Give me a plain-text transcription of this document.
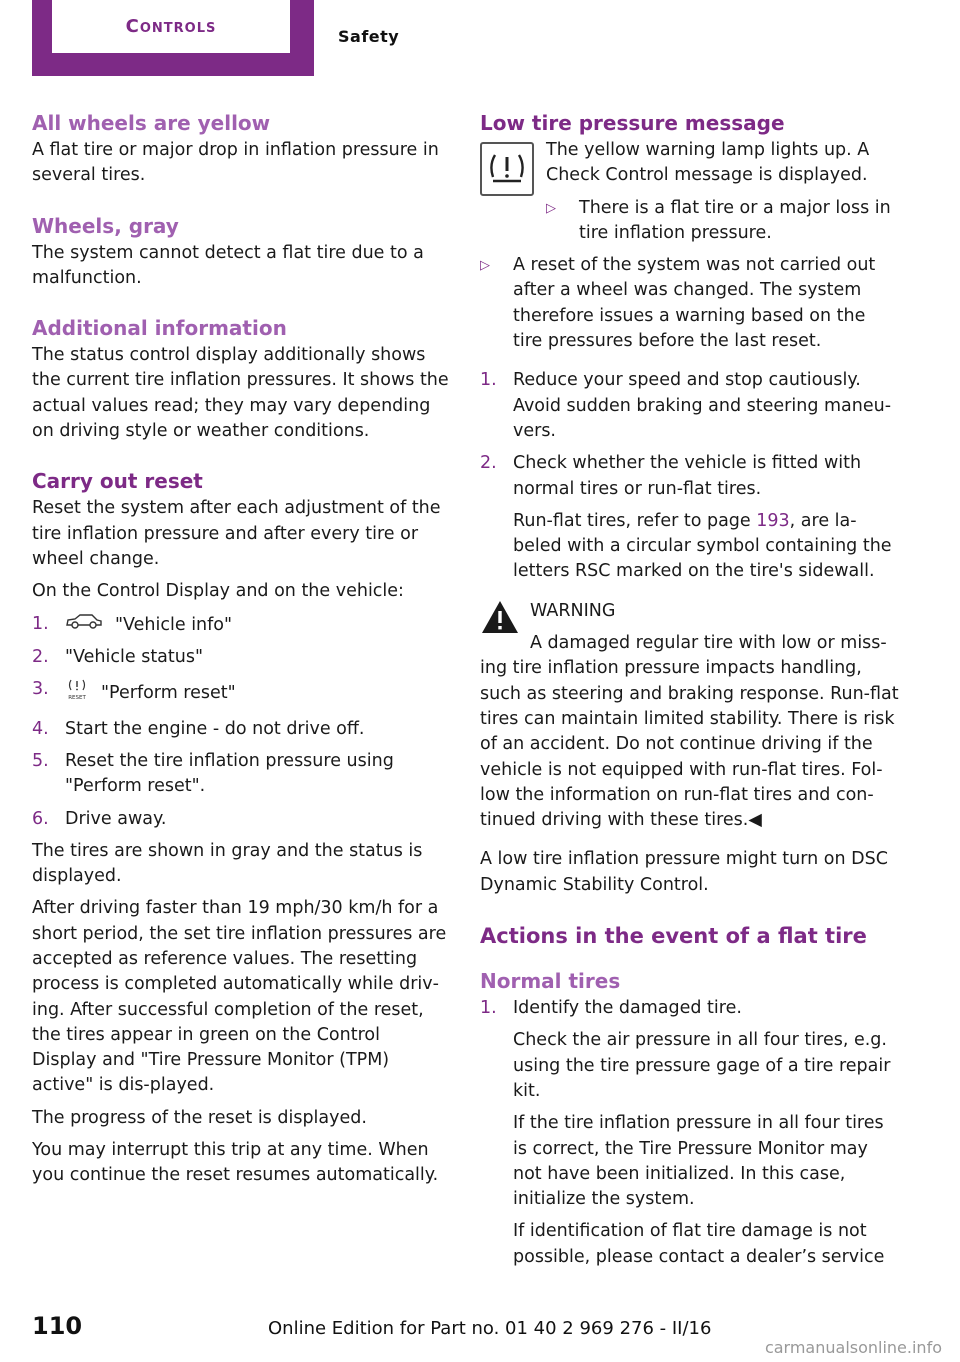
Controls	Safety
All wheels are yellow

A flat tire or major drop in inflation pressure in several tires.

Wheels, gray

The system cannot detect a flat tire due to a malfunction.

Additional information

The status control display additionally shows the current tire inflation pressures. It shows the actual values read; they may vary depending on driving style or weather conditions.

Carry out reset

Reset the system after each adjustment of the tire inflation pressure and after every tire or wheel change.

On the Control Display and on the vehicle:

1.	"Vehicle info"
2. "Vehicle status"
3.	RESET "Perform reset"
4. Start the engine - do not drive off.
5. Reset the tire inflation pressure using "Perform reset".
6. Drive away.

The tires are shown in gray and the status is displayed.

After driving faster than 19 mph/30 km/h for a short period, the set tire inflation pressures are accepted as reference values. The resetting process is completed automatically while driv‐ing. After successful completion of the reset, the tires appear in green on the Control Display and "Tire Pressure Monitor (TPM) active" is dis‐played.

The progress of the reset is displayed.

You may interrupt this trip at any time. When you continue the reset resumes automatically.

Low tire pressure message

The yellow warning lamp lights up. A Check Control message is displayed.

▷	There is a flat tire or a major loss in tire inflation pressure.
▷	A reset of the system was not carried out after a wheel was changed. The system therefore issues a warning based on the tire pressures before the last reset.
1. Reduce your speed and stop cautiously. Avoid sudden braking and steering maneu‐vers.
2. Check whether the vehicle is fitted with normal tires or run-flat tires.
Run-flat tires, refer to page 193, are la‐beled with a circular symbol containing the letters RSC marked on the tire's sidewall.
WARNING
A damaged regular tire with low or miss‐

ing tire inflation pressure impacts handling, such as steering and braking response. Run-flat tires can maintain limited stability. There is risk of an accident. Do not continue driving if the vehicle is not equipped with run-flat tires. Fol‐low the information on run-flat tires and con‐tinued driving with these tires.◀

A low tire inflation pressure might turn on DSC Dynamic Stability Control.

Actions in the event of a flat tire
Normal tires
1. Identify the damaged tire.
Check the air pressure in all four tires, e.g. using the tire pressure gage of a tire repair kit.
If the tire inflation pressure in all four tires is correct, the Tire Pressure Monitor may not have been initialized. In this case, initialize the system.
If identification of flat tire damage is not possible, please contact a dealer’s service
110	Online Edition for Part no. 01 40 2 969 276 - II/16
carmanualsonline.info
